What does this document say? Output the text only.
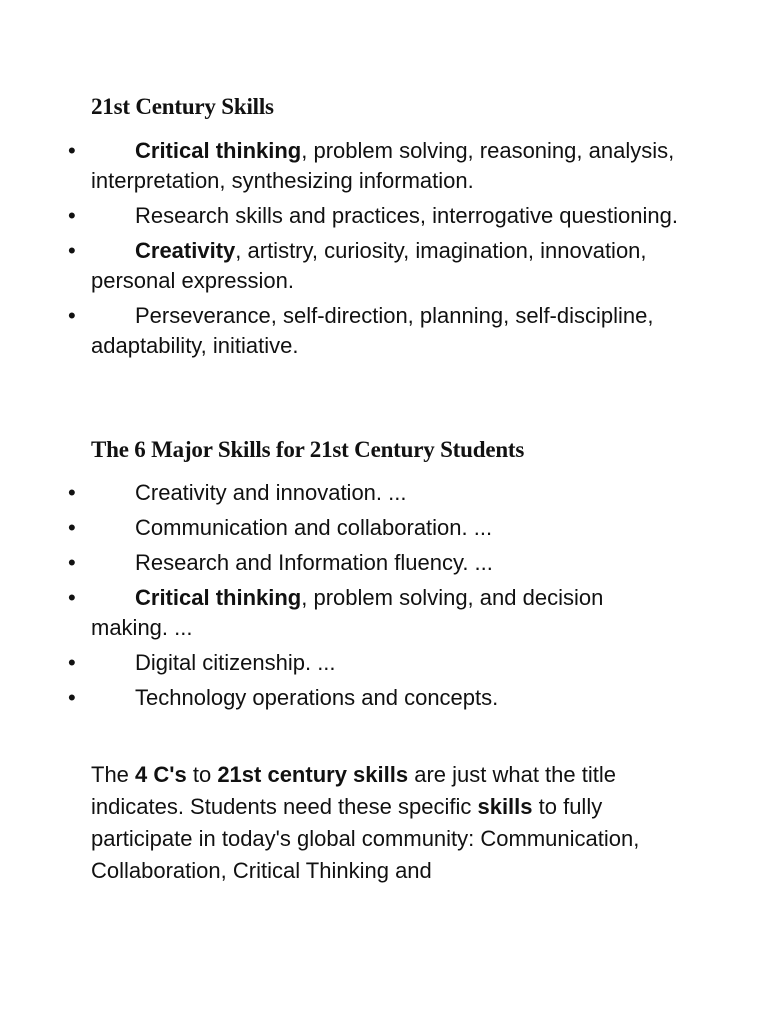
21st Century Skills
•	Critical thinking, problem solving, reasoning, analysis, interpretation, synthesizing information.
•	Research skills and practices, interrogative questioning.
•	Creativity, artistry, curiosity, imagination, innovation, personal expression.
•	Perseverance, self-direction, planning, self-discipline, adaptability, initiative.
The 6 Major Skills for 21st Century Students
•	Creativity and innovation. ...
•	Communication and collaboration. ...
•	Research and Information fluency. ...
•	Critical thinking, problem solving, and decision making. ...
•	Digital citizenship. ...
•	Technology operations and concepts.

The 4 C's to 21st century skills are just what the title indicates. Students need these specific skills to fully participate in today's global community: Communication, Collaboration, Critical Thinking and
